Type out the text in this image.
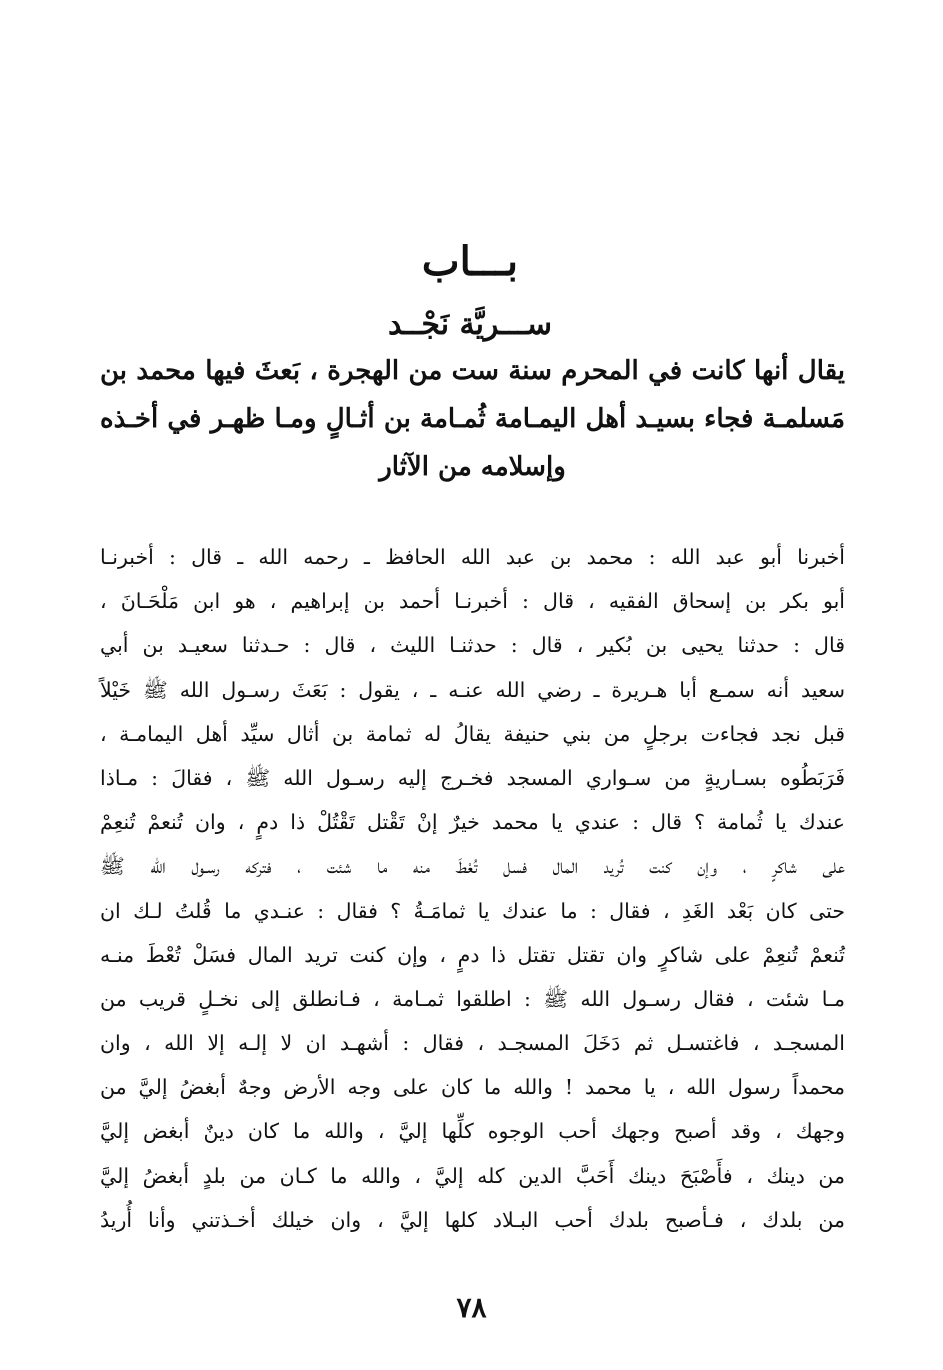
بـــاب
ســـريَّة نَجْــد
يقال أنها كانت في المحرم سنة ست من الهجرة ، بَعثَ فيها محمد بن
مَسلمـة فجاء بسيـد أهل اليمـامة ثُمـامة بن أثـالٍ ومـا ظهـر في أخـذه
وإسلامه من الآثار
أخبرنا أبو عبد الله : محمد بن عبد الله الحافظ ـ رحمه الله ـ قال : أخبرنـا
أبو بكر بن إسحاق الفقيه ، قال : أخبرنـا أحمد بن إبراهيم ، هو ابن مَلْحَـانَ ،
قال : حدثنا يحيى بن بُكير ، قال : حدثنـا الليث ، قال : حـدثنا سعيـد بن أبي
سعيد أنه سمـع أبا هـريرة ـ رضي الله عنـه ـ ، يقول : بَعَثَ رسـول الله ﷺ خَيْلاً
قبل نجد فجاءت برجلٍ من بني حنيفة يقالُ له ثمامة بن أثال سيِّد أهل اليمامـة ،
فَرَبَطُوه بسـاريةٍ من سـواري المسجد فخـرج إليه رسـول الله ﷺ ، فقالَ : مـاذا
عندك يا ثُمامة ؟ قال : عندي يا محمد خيرٌ إنْ تَقْتل تَقْتُلْ ذا دمٍ ، وان تُنعمْ تُنعِمْ
على شاكرٍ ، وإن كنت تُريد المال فسل تُعْطَ منه ما شئت ، فتركه رسـول الله ﷺ
حتى كان بَعْد الغَدِ ، فقال : ما عندك يا ثمامَـةُ ؟ فقال : عنـدي ما قُلتُ لـك ان
تُنعمْ تُنعِمْ على شاكرٍ وان تقتل تقتل ذا دمٍ ، وإن كنت تريد المال فسَلْ تُعْطَ منـه
مـا شئت ، فقال رسـول الله ﷺ : اطلقوا ثمـامة ، فـانطلق إلى نخـلٍ قريب من
المسجـد ، فاغتسـل ثم دَخَلَ المسجـد ، فقال : أشهـد ان لا إلـه إلا الله ، وان
محمداً رسول الله ، يا محمد ! والله ما كان على وجه الأرض وجهٌ أبغضُ إليَّ من
وجهك ، وقد أصبح وجهك أحب الوجوه كلِّها إليَّ ، والله ما كان دينٌ أبغض إليَّ
من دينك ، فأَصْبَحَ دينك أَحَبَّ الدين كله إليَّ ، والله ما كـان من بلدٍ أبغضُ إليَّ
من بلدك ، فـأصبح بلدك أحب البـلاد كلها إليَّ ، وان خيلك أخـذتني وأنا أُريدُ
٧٨
